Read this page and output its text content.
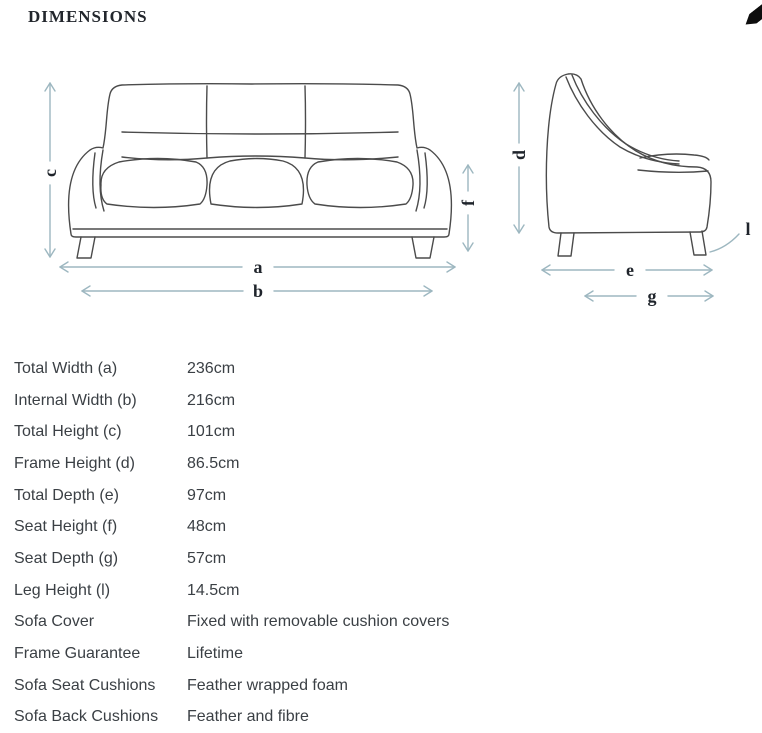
DIMENSIONS
c
f
a
b
d
e
g
l
Total Width (a)	236cm
Internal Width (b)	216cm
Total Height (c)	101cm
Frame Height (d)	86.5cm
Total Depth (e)	97cm
Seat Height (f)	48cm
Seat Depth (g)	57cm
Leg Height (l)	14.5cm
Sofa Cover	Fixed with removable cushion covers
Frame Guarantee	Lifetime
Sofa Seat Cushions	Feather wrapped foam
Sofa Back Cushions	Feather and fibre
